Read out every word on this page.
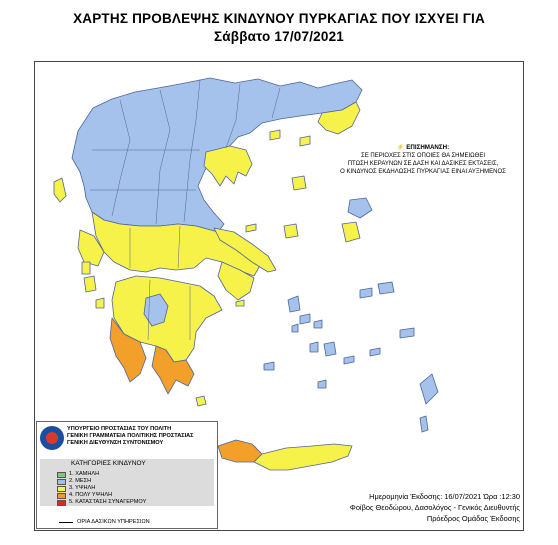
ΧΑΡΤΗΣ ΠΡΟΒΛΕΨΗΣ ΚΙΝΔΥΝΟΥ ΠΥΡΚΑΓΙΑΣ ΠΟΥ ΙΣΧΥΕΙ ΓΙΑ
Σάββατο 17/07/2021
⚡ ΕΠΙΣΗΜΑΝΣΗ:
ΣΕ ΠΕΡΙΟΧΕΣ ΣΤΙΣ ΟΠΟΙΕΣ ΘΑ ΣΗΜΕΙΩΘΕΙ
ΠΤΩΣΗ ΚΕΡΑΥΝΩΝ ΣΕ ΔΑΣΗ ΚΑΙ ΔΑΣΙΚΕΣ ΕΚΤΑΣΕΙΣ,
Ο ΚΙΝΔΥΝΟΣ ΕΚΔΗΛΩΣΗΣ ΠΥΡΚΑΓΙΑΣ ΕΙΝΑΙ ΑΥΞΗΜΕΝΟΣ
ΥΠΟΥΡΓΕΙΟ ΠΡΟΣΤΑΣΙΑΣ ΤΟΥ ΠΟΛΙΤΗ
ΓΕΝΙΚΗ ΓΡΑΜΜΑΤΕΙΑ ΠΟΛΙΤΙΚΗΣ ΠΡΟΣΤΑΣΙΑΣ
ΓΕΝΙΚΗ ΔΙΕΥΘΥΝΣΗ ΣΥΝΤΟΝΙΣΜΟΥ
ΚΑΤΗΓΟΡΙΕΣ ΚΙΝΔΥΝΟΥ
1. ΧΑΜΗΛΗ
2. ΜΕΣΗ
3. ΥΨΗΛΗ
4. ΠΟΛΥ ΥΨΗΛΗ
5. ΚΑΤΑΣΤΑΣΗ ΣΥΝΑΓΕΡΜΟΥ
ΟΡΙΑ ΔΑΣΙΚΩΝ ΥΠΗΡΕΣΙΩΝ
Ημερομηνία Έκδοσης: 16/07/2021 Ώρα :12:30
Φοίβος Θεοδώρου, Δασολόγος - Γενικός Διευθυντής
Πρόεδρος Ομάδας Έκδοσης
